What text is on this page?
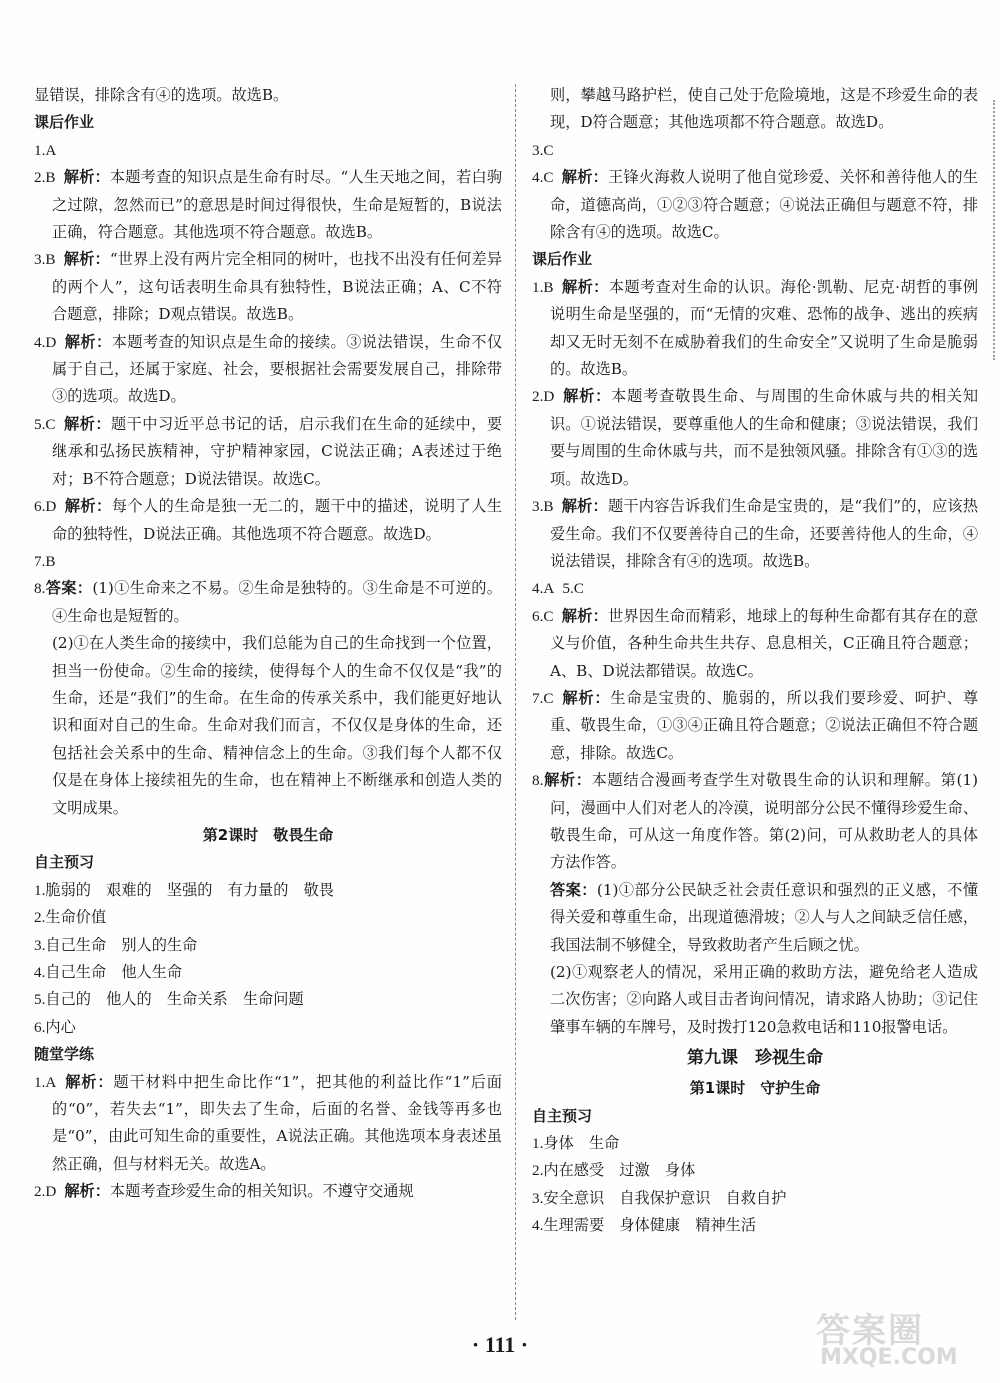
显错误，排除含有④的选项。故选B。
课后作业
1.A
2.B 解析：本题考查的知识点是生命有时尽。“人生天地之间，若白驹之过隙，忽然而已”的意思是时间过得很快，生命是短暂的，B说法正确，符合题意。其他选项不符合题意。故选B。
3.B 解析：“世界上没有两片完全相同的树叶，也找不出没有任何差异的两个人”，这句话表明生命具有独特性，B说法正确；A、C不符合题意，排除；D观点错误。故选B。
4.D 解析：本题考查的知识点是生命的接续。③说法错误，生命不仅属于自己，还属于家庭、社会，要根据社会需要发展自己，排除带③的选项。故选D。
5.C 解析：题干中习近平总书记的话，启示我们在生命的延续中，要继承和弘扬民族精神，守护精神家园，C说法正确；A表述过于绝对；B不符合题意；D说法错误。故选C。
6.D 解析：每个人的生命是独一无二的，题干中的描述，说明了人生命的独特性，D说法正确。其他选项不符合题意。故选D。
7.B
8.答案：(1)①生命来之不易。②生命是独特的。③生命是不可逆的。④生命也是短暂的。
(2)①在人类生命的接续中，我们总能为自己的生命找到一个位置，担当一份使命。②生命的接续，使得每个人的生命不仅仅是“我”的生命，还是“我们”的生命。在生命的传承关系中，我们能更好地认识和面对自己的生命。生命对我们而言，不仅仅是身体的生命，还包括社会关系中的生命、精神信念上的生命。③我们每个人都不仅仅是在身体上接续祖先的生命，也在精神上不断继承和创造人类的文明成果。
第2课时　敬畏生命
自主预习
1.脆弱的　艰难的　坚强的　有力量的　敬畏
2.生命价值
3.自己生命　别人的生命
4.自己生命　他人生命
5.自己的　他人的　生命关系　生命问题
6.内心
随堂学练
1.A 解析：题干材料中把生命比作“1”，把其他的利益比作“1”后面的“0”，若失去“1”，即失去了生命，后面的名誉、金钱等再多也是“0”，由此可知生命的重要性，A说法正确。其他选项本身表述虽然正确，但与材料无关。故选A。
2.D 解析：本题考查珍爱生命的相关知识。不遵守交通规
则，攀越马路护栏，使自己处于危险境地，这是不珍爱生命的表现，D符合题意；其他选项都不符合题意。故选D。
3.C
4.C 解析：王锋火海救人说明了他自觉珍爱、关怀和善待他人的生命，道德高尚，①②③符合题意；④说法正确但与题意不符，排除含有④的选项。故选C。
课后作业
1.B 解析：本题考查对生命的认识。海伦·凯勒、尼克·胡哲的事例说明生命是坚强的，而“无情的灾难、恐怖的战争、逃出的疾病却又无时无刻不在威胁着我们的生命安全”又说明了生命是脆弱的。故选B。
2.D 解析：本题考查敬畏生命、与周围的生命休戚与共的相关知识。①说法错误，要尊重他人的生命和健康；③说法错误，我们要与周围的生命休戚与共，而不是独领风骚。排除含有①③的选项。故选D。
3.B 解析：题干内容告诉我们生命是宝贵的，是“我们”的，应该热爱生命。我们不仅要善待自己的生命，还要善待他人的生命，④说法错误，排除含有④的选项。故选B。
4.A 5.C
6.C 解析：世界因生命而精彩，地球上的每种生命都有其存在的意义与价值，各种生命共生共存、息息相关，C正确且符合题意；A、B、D说法都错误。故选C。
7.C 解析：生命是宝贵的、脆弱的，所以我们要珍爱、呵护、尊重、敬畏生命，①③④正确且符合题意；②说法正确但不符合题意，排除。故选C。
8.解析：本题结合漫画考查学生对敬畏生命的认识和理解。第(1)问，漫画中人们对老人的冷漠，说明部分公民不懂得珍爱生命、敬畏生命，可从这一角度作答。第(2)问，可从救助老人的具体方法作答。
答案：(1)①部分公民缺乏社会责任意识和强烈的正义感，不懂得关爱和尊重生命，出现道德滑坡；②人与人之间缺乏信任感，我国法制不够健全，导致救助者产生后顾之忧。
(2)①观察老人的情况，采用正确的救助方法，避免给老人造成二次伤害；②向路人或目击者询问情况，请求路人协助；③记住肇事车辆的车牌号，及时拨打120急救电话和110报警电话。
第九课　珍视生命
第1课时　守护生命
自主预习
1.身体　生命
2.内在感受　过激　身体
3.安全意识　自我保护意识　自救自护
4.生理需要　身体健康　精神生活
· 111 ·	答案圈
MXQE.COM
